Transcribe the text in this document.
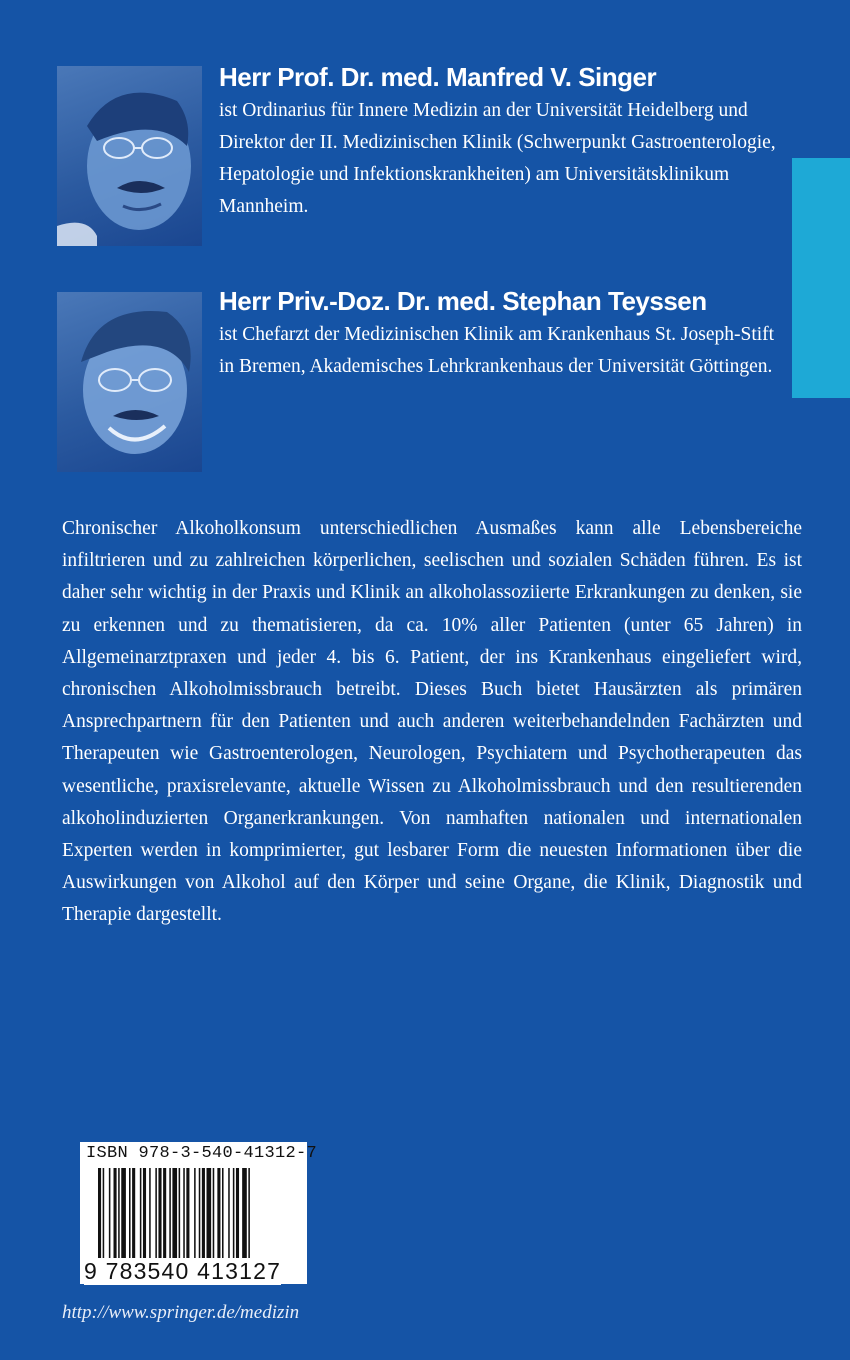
Herr Prof. Dr. med. Manfred V. Singer

ist Ordinarius für Innere Medizin an der Universität Heidelberg und Direktor der II. Medizinischen Klinik (Schwerpunkt Gastroenterologie, Hepatologie und Infektionskrankheiten) am Universitätsklinikum Mannheim.

Herr Priv.-Doz. Dr. med. Stephan Teyssen

ist Chefarzt der Medizinischen Klinik am Krankenhaus St. Joseph-Stift in Bremen, Akademisches Lehrkrankenhaus der Universität Göttingen.

Chronischer Alkoholkonsum unterschiedlichen Ausmaßes kann alle Lebensbereiche infiltrieren und zu zahlreichen körperlichen, seelischen und sozialen Schäden führen. Es ist daher sehr wichtig in der Praxis und Klinik an alkoholassoziierte Erkrankungen zu denken, sie zu erkennen und zu thematisieren, da ca. 10% aller Patienten (unter 65 Jahren) in Allgemeinarztpraxen und jeder 4. bis 6. Patient, der ins Krankenhaus eingeliefert wird, chronischen Alkoholmissbrauch betreibt. Dieses Buch bietet Hausärzten als primären Ansprechpartnern für den Patienten und auch anderen weiterbehandelnden Fachärzten und Therapeuten wie Gastroenterologen, Neurologen, Psychiatern und Psychotherapeuten das wesentliche, praxisrelevante, aktuelle Wissen zu Alkoholmissbrauch und den resultierenden alkoholinduzierten Organerkrankungen. Von namhaften nationalen und internationalen Experten werden in komprimierter, gut lesbarer Form die neuesten Informationen über die Auswirkungen von Alkohol auf den Körper und seine Organe, die Klinik, Diagnostik und Therapie dargestellt.

ISBN 978-3-540-41312-7
9 783540 413127

http://www.springer.de/medizin
